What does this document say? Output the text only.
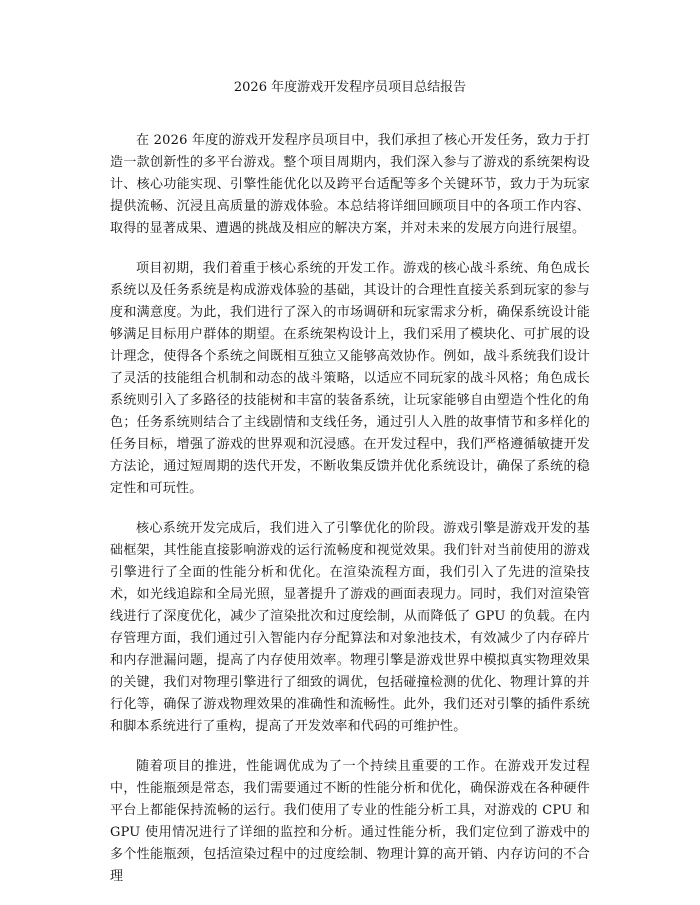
2026 年度游戏开发程序员项目总结报告

在 2026 年度的游戏开发程序员项目中，我们承担了核心开发任务，致力于打造一款创新性的多平台游戏。整个项目周期内，我们深入参与了游戏的系统架构设计、核心功能实现、引擎性能优化以及跨平台适配等多个关键环节，致力于为玩家提供流畅、沉浸且高质量的游戏体验。本总结将详细回顾项目中的各项工作内容、取得的显著成果、遭遇的挑战及相应的解决方案，并对未来的发展方向进行展望。

项目初期，我们着重于核心系统的开发工作。游戏的核心战斗系统、角色成长系统以及任务系统是构成游戏体验的基础，其设计的合理性直接关系到玩家的参与度和满意度。为此，我们进行了深入的市场调研和玩家需求分析，确保系统设计能够满足目标用户群体的期望。在系统架构设计上，我们采用了模块化、可扩展的设计理念，使得各个系统之间既相互独立又能够高效协作。例如，战斗系统我们设计了灵活的技能组合机制和动态的战斗策略，以适应不同玩家的战斗风格；角色成长系统则引入了多路径的技能树和丰富的装备系统，让玩家能够自由塑造个性化的角色；任务系统则结合了主线剧情和支线任务，通过引人入胜的故事情节和多样化的任务目标，增强了游戏的世界观和沉浸感。在开发过程中，我们严格遵循敏捷开发方法论，通过短周期的迭代开发，不断收集反馈并优化系统设计，确保了系统的稳定性和可玩性。

核心系统开发完成后，我们进入了引擎优化的阶段。游戏引擎是游戏开发的基础框架，其性能直接影响游戏的运行流畅度和视觉效果。我们针对当前使用的游戏引擎进行了全面的性能分析和优化。在渲染流程方面，我们引入了先进的渲染技术，如光线追踪和全局光照，显著提升了游戏的画面表现力。同时，我们对渲染管线进行了深度优化，减少了渲染批次和过度绘制，从而降低了 GPU 的负载。在内存管理方面，我们通过引入智能内存分配算法和对象池技术，有效减少了内存碎片和内存泄漏问题，提高了内存使用效率。物理引擎是游戏世界中模拟真实物理效果的关键，我们对物理引擎进行了细致的调优，包括碰撞检测的优化、物理计算的并行化等，确保了游戏物理效果的准确性和流畅性。此外，我们还对引擎的插件系统和脚本系统进行了重构，提高了开发效率和代码的可维护性。

随着项目的推进，性能调优成为了一个持续且重要的工作。在游戏开发过程中，性能瓶颈是常态，我们需要通过不断的性能分析和优化，确保游戏在各种硬件平台上都能保持流畅的运行。我们使用了专业的性能分析工具，对游戏的 CPU 和 GPU 使用情况进行了详细的监控和分析。通过性能分析，我们定位到了游戏中的多个性能瓶颈，包括渲染过程中的过度绘制、物理计算的高开销、内存访问的不合理
